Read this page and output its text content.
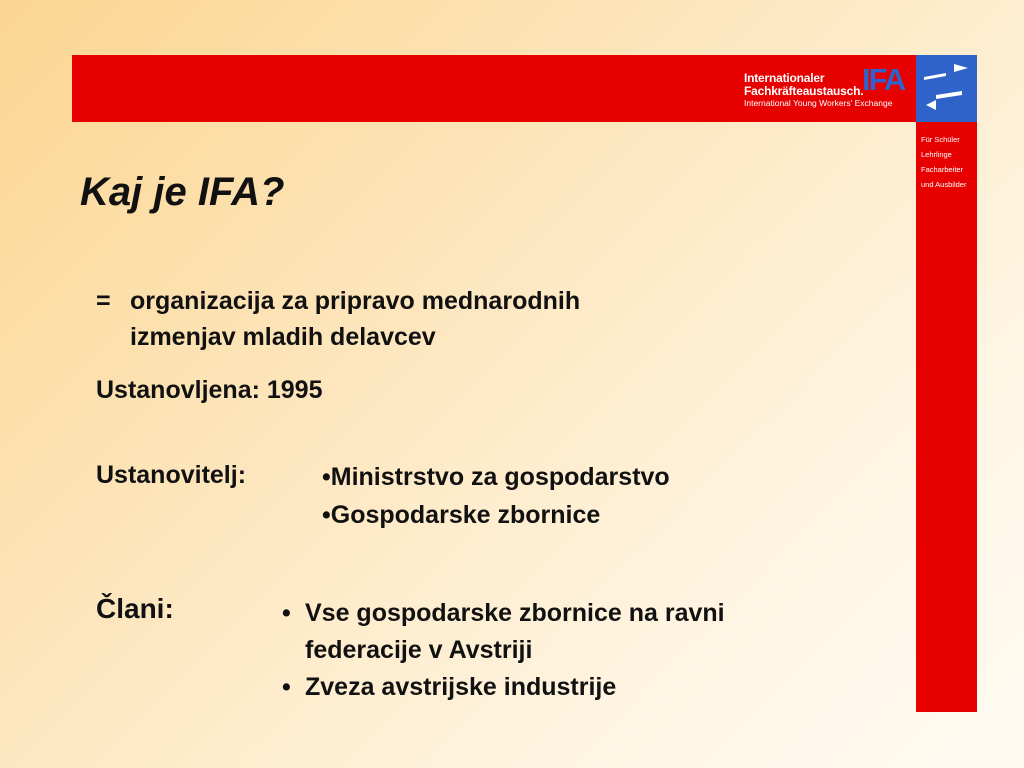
Internationaler
Fachkräfteaustausch.
International Young Workers' Exchange
IFA
Für Schüler
Lehrlinge
Facharbeiter
und Ausbilder
Kaj je IFA?
= organizacija za pripravo mednarodnih
izmenjav mladih delavcev
Ustanovljena: 1995
Ustanovitelj:	•Ministrstvo za gospodarstvo
•Gospodarske zbornice
Člani:	• Vse gospodarske zbornice na ravni
federacije v Avstriji
• Zveza avstrijske industrije
